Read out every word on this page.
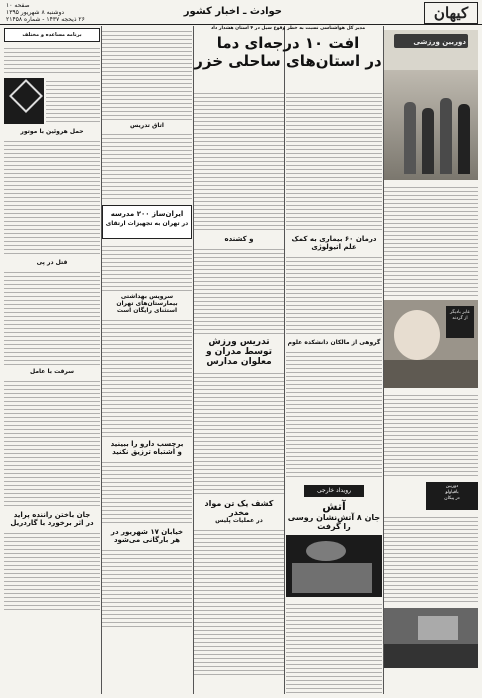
کیهان
حوادث ـ اخبار کشور
صفحه ۱۰
دوشنبه ۸ شهریور ۱۳۹۵
۲۶ ذیحجه ۱۴۳۷ - شماره ۲۱۴۵۸
دوربین ورزشی
عابر بادیگر
از گردنه
دوربین
باقیاولو
در پیکان
مدیر کل هواشناسی نسبت به خطر وقوع سیل در ۴ استان هشدار داد
افت ۱۰ درجه‌ای دما
در استان‌های ساحلی خزر
درمان ۶۰ بیماری به کمک علم اتیولوژی
گروهی از مالکان دانشکده علوم
رویداد خارجی
آتش
جان ۸ آتش‌نشان روسی را گرفت
و کشنده
تدریس ورزش توسط مدران و معلوان مدارس
کشف یک تن مواد مخدر
در عملیات پلیس
اتاق تدریس
ایران‌ساز ۲۰۰ مدرسه
در تهران به تجهیزات ارتقای
سرویس بهداشتی
بیمارستان‌های تهران
استثنای رایگان است
برچسب دارو را ببینید
و اشتباه ترزیق نکنید
خیابان ۱۷ شهریور در
هر بارگانی می‌شود
برنامه مساعده و مختلف
حمل هروئین با موتور
قتل در پی
سرقت با عامل
جان باختن راننده پراید
در اثر برخورد با گاردریل
